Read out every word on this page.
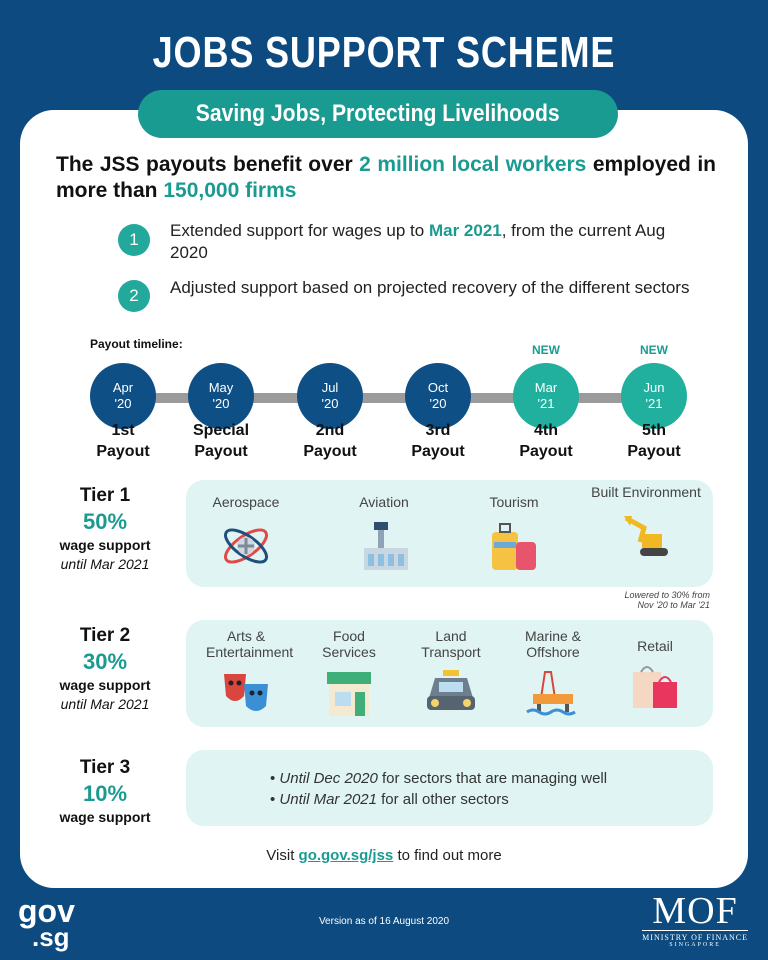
JOBS SUPPORT SCHEME
Saving Jobs, Protecting Livelihoods
The JSS payouts benefit over 2 million local workers employed in more than 150,000 firms
1	Extended support for wages up to Mar 2021, from the current Aug 2020
2	Adjusted support based on projected recovery of the different sectors
Payout timeline:	NEW	NEW
Apr
'20
1st
Payout
May
'20
Special
Payout
Jul
'20
2nd
Payout
Oct
'20
3rd
Payout
Mar
'21
4th
Payout
Jun
'21
5th
Payout
Tier 1
50%
wage support
until Mar 2021
Aerospace	Aviation	Tourism
Built Environment
Lowered to 30% from
Nov '20 to Mar '21
Tier 2
30%
wage support
until Mar 2021
Arts & Entertainment
Food Services
Land Transport
Marine & Offshore	Retail
Tier 3
10%
wage support
• Until Dec 2020 for sectors that are managing well
• Until Mar 2021 for all other sectors
Visit go.gov.sg/jss to find out more
gov
.sg
Version as of 16 August 2020	MOF
MINISTRY OF FINANCE
SINGAPORE
